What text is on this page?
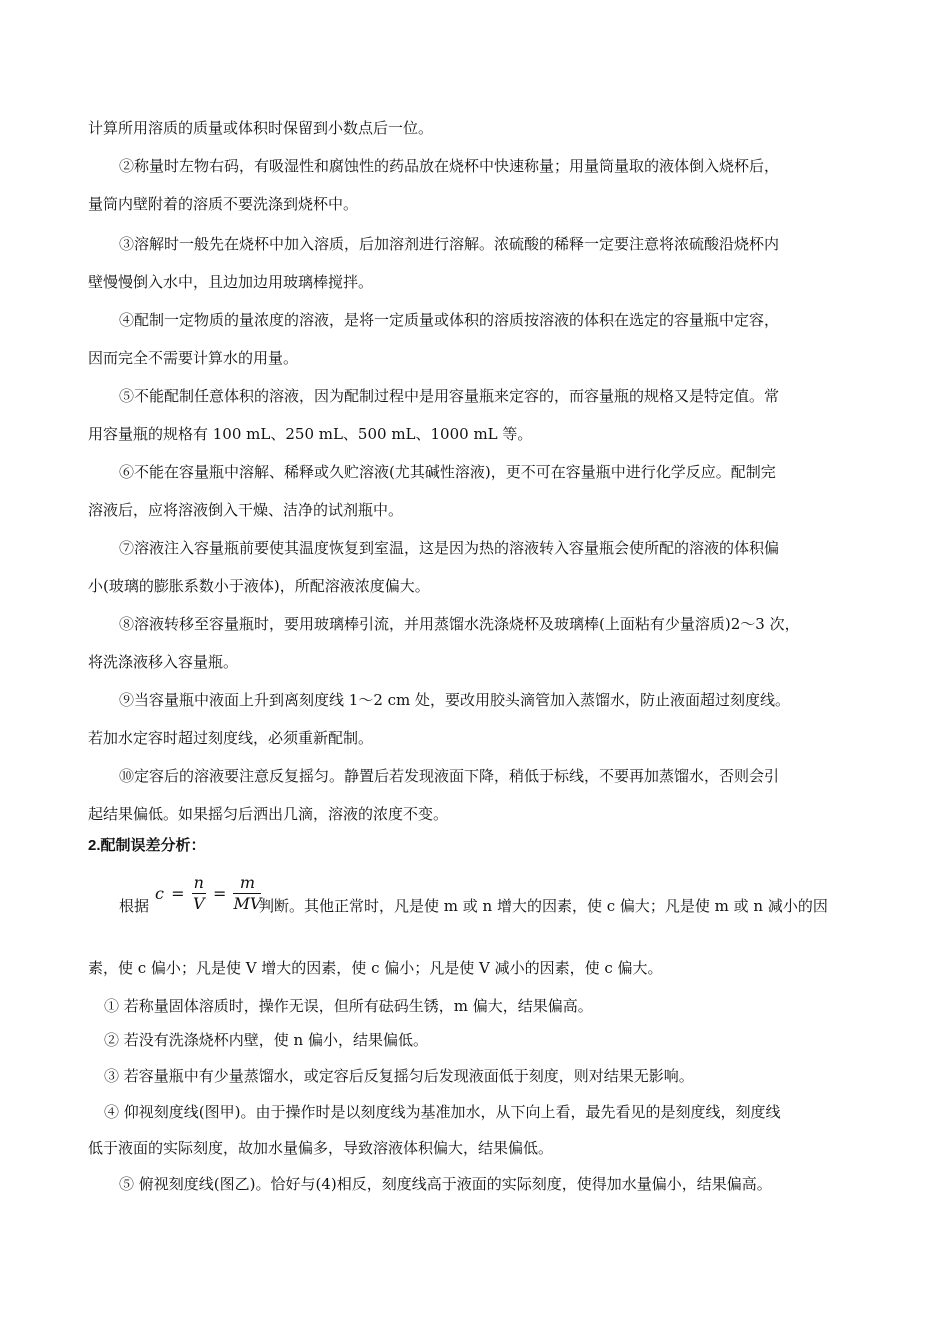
计算所用溶质的质量或体积时保留到小数点后一位。
②称量时左物右码，有吸湿性和腐蚀性的药品放在烧杯中快速称量；用量筒量取的液体倒入烧杯后，
量筒内壁附着的溶质不要洗涤到烧杯中。
③溶解时一般先在烧杯中加入溶质，后加溶剂进行溶解。浓硫酸的稀释一定要注意将浓硫酸沿烧杯内
壁慢慢倒入水中，且边加边用玻璃棒搅拌。
④配制一定物质的量浓度的溶液，是将一定质量或体积的溶质按溶液的体积在选定的容量瓶中定容，
因而完全不需要计算水的用量。
⑤不能配制任意体积的溶液，因为配制过程中是用容量瓶来定容的，而容量瓶的规格又是特定值。常
用容量瓶的规格有 100 mL、250 mL、500 mL、1000 mL 等。
⑥不能在容量瓶中溶解、稀释或久贮溶液(尤其碱性溶液)，更不可在容量瓶中进行化学反应。配制完
溶液后，应将溶液倒入干燥、洁净的试剂瓶中。
⑦溶液注入容量瓶前要使其温度恢复到室温，这是因为热的溶液转入容量瓶会使所配的溶液的体积偏
小(玻璃的膨胀系数小于液体)，所配溶液浓度偏大。
⑧溶液转移至容量瓶时，要用玻璃棒引流，并用蒸馏水洗涤烧杯及玻璃棒(上面粘有少量溶质)2～3 次，
将洗涤液移入容量瓶。
⑨当容量瓶中液面上升到离刻度线 1～2 cm 处，要改用胶头滴管加入蒸馏水，防止液面超过刻度线。
若加水定容时超过刻度线，必须重新配制。
⑩定容后的溶液要注意反复摇匀。静置后若发现液面下降，稍低于标线，不要再加蒸馏水，否则会引
起结果偏低。如果摇匀后洒出几滴，溶液的浓度不变。
2.配制误差分析：
根据
$c = \frac{n}{V} = \frac{m}{MV}$
判断。其他正常时，凡是使 m 或 n 增大的因素，使 c 偏大；凡是使 m 或 n 减小的因
素，使 c 偏小；凡是使 V 增大的因素，使 c 偏小；凡是使 V 减小的因素，使 c 偏大。
① 若称量固体溶质时，操作无误，但所有砝码生锈，m 偏大，结果偏高。
② 若没有洗涤烧杯内壁，使 n 偏小，结果偏低。
③ 若容量瓶中有少量蒸馏水，或定容后反复摇匀后发现液面低于刻度，则对结果无影响。
④ 仰视刻度线(图甲)。由于操作时是以刻度线为基准加水，从下向上看，最先看见的是刻度线，刻度线
低于液面的实际刻度，故加水量偏多，导致溶液体积偏大，结果偏低。
⑤ 俯视刻度线(图乙)。恰好与(4)相反，刻度线高于液面的实际刻度，使得加水量偏小，结果偏高。
